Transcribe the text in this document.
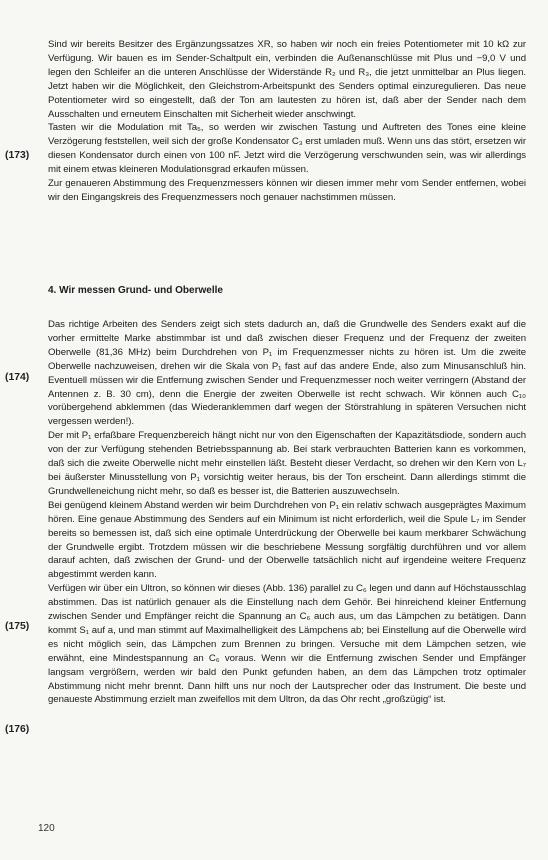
Sind wir bereits Besitzer des Ergänzungssatzes XR, so haben wir noch ein freies Potentiometer mit 10 kΩ zur Verfügung. Wir bauen es im Sender-Schaltpult ein, verbinden die Außenanschlüsse mit Plus und −9,0 V und legen den Schleifer an die unteren Anschlüsse der Widerstände R₂ und R₃, die jetzt unmittelbar an Plus liegen. Jetzt haben wir die Möglichkeit, den Gleichstrom-Arbeitspunkt des Senders optimal einzuregulieren. Das neue Potentiometer wird so eingestellt, daß der Ton am lautesten zu hören ist, daß aber der Sender nach dem Ausschalten und erneutem Einschalten mit Sicherheit wieder anschwingt.

Tasten wir die Modulation mit Ta₅, so werden wir zwischen Tastung und Auftreten des Tones eine kleine Verzögerung feststellen, weil sich der große Kondensator C₃ erst umladen muß. Wenn uns das stört, ersetzen wir diesen Kondensator durch einen von 100 nF. Jetzt wird die Verzögerung verschwunden sein, was wir allerdings mit einem etwas kleineren Modulationsgrad erkaufen müssen.

Zur genaueren Abstimmung des Frequenzmessers können wir diesen immer mehr vom Sender entfernen, wobei wir den Eingangskreis des Frequenzmessers noch genauer nachstimmen müssen.

(173)
4. Wir messen Grund- und Oberwelle

Das richtige Arbeiten des Senders zeigt sich stets dadurch an, daß die Grundwelle des Senders exakt auf die vorher ermittelte Marke abstimmbar ist und daß zwischen dieser Frequenz und der Frequenz der zweiten Oberwelle (81,36 MHz) beim Durchdrehen von P₁ im Frequenzmesser nichts zu hören ist. Um die zweite Oberwelle nachzuweisen, drehen wir die Skala von P₁ fast auf das andere Ende, also zum Minusanschluß hin. Eventuell müssen wir die Entfernung zwischen Sender und Frequenzmesser noch weiter verringern (Abstand der Antennen z. B. 30 cm), denn die Energie der zweiten Oberwelle ist recht schwach. Wir können auch C₁₀ vorübergehend abklemmen (das Wiederanklemmen darf wegen der Störstrahlung in späteren Versuchen nicht vergessen werden!).

Der mit P₁ erfaßbare Frequenzbereich hängt nicht nur von den Eigenschaften der Kapazitätsdiode, sondern auch von der zur Verfügung stehenden Betriebsspannung ab. Bei stark verbrauchten Batterien kann es vorkommen, daß sich die zweite Oberwelle nicht mehr einstellen läßt. Besteht dieser Verdacht, so drehen wir den Kern von L₇ bei äußerster Minusstellung von P₁ vorsichtig weiter heraus, bis der Ton erscheint. Dann allerdings stimmt die Grundwelleneichung nicht mehr, so daß es besser ist, die Batterien auszuwechseln.

Bei genügend kleinem Abstand werden wir beim Durchdrehen von P₁ ein relativ schwach ausgeprägtes Maximum hören. Eine genaue Abstimmung des Senders auf ein Minimum ist nicht erforderlich, weil die Spule L₇ im Sender bereits so bemessen ist, daß sich eine optimale Unterdrückung der Oberwelle bei kaum merkbarer Schwächung der Grundwelle ergibt. Trotzdem müssen wir die beschriebene Messung sorgfältig durchführen und vor allem darauf achten, daß zwischen der Grund- und der Oberwelle tatsächlich nicht auf irgendeine weitere Frequenz abgestimmt werden kann.

Verfügen wir über ein Ultron, so können wir dieses (Abb. 136) parallel zu C₆ legen und dann auf Höchstausschlag abstimmen. Das ist natürlich genauer als die Einstellung nach dem Gehör. Bei hinreichend kleiner Entfernung zwischen Sender und Empfänger reicht die Spannung an C₆ auch aus, um das Lämpchen zu betätigen. Dann kommt S₁ auf a, und man stimmt auf Maximalhelligkeit des Lämpchens ab; bei Einstellung auf die Oberwelle wird es nicht möglich sein, das Lämpchen zum Brennen zu bringen. Versuche mit dem Lämpchen setzen, wie erwähnt, eine Mindestspannung an C₆ voraus. Wenn wir die Entfernung zwischen Sender und Empfänger langsam vergrößern, werden wir bald den Punkt gefunden haben, an dem das Lämpchen trotz optimaler Abstimmung nicht mehr brennt. Dann hilft uns nur noch der Lautsprecher oder das Instrument. Die beste und genaueste Abstimmung erzielt man zweifellos mit dem Ultron, da das Ohr recht „großzügig“ ist.

(174)
(175)
(176)
120
